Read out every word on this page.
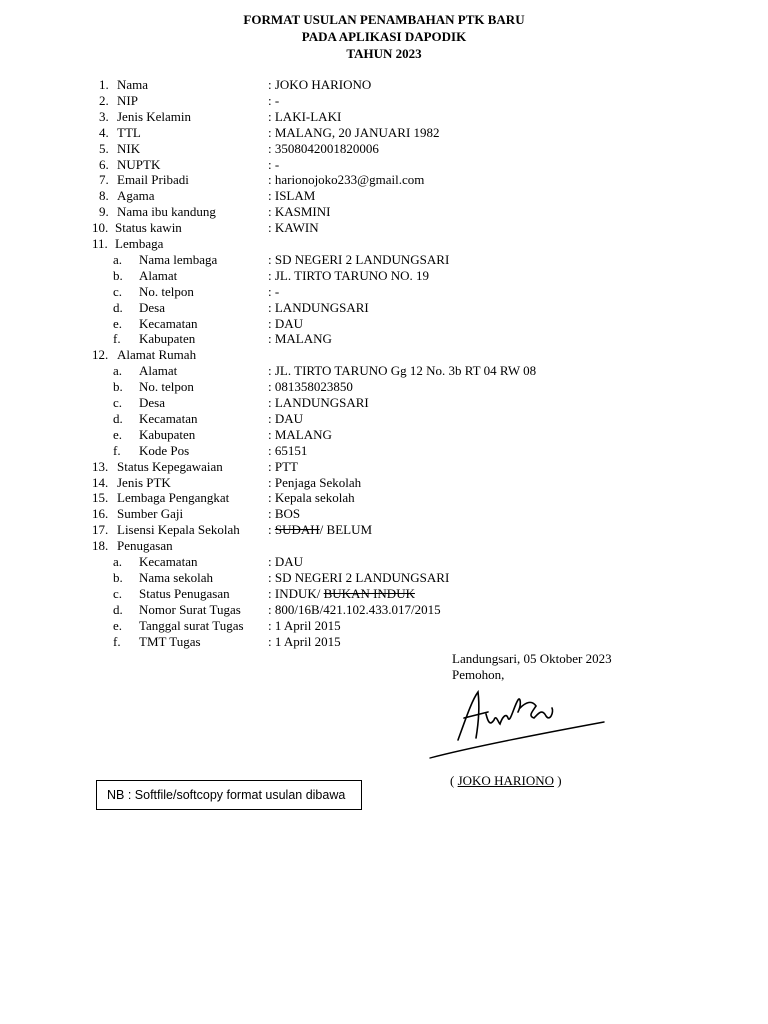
FORMAT USULAN PENAMBAHAN PTK BARU
PADA APLIKASI DAPODIK
TAHUN 2023
1. Nama	: JOKO HARIONO
2. NIP	: -
3. Jenis Kelamin	: LAKI-LAKI
4. TTL	: MALANG, 20 JANUARI 1982
5. NIK	: 3508042001820006
6. NUPTK	: -
7. Email Pribadi	: harionojoko233@gmail.com
8. Agama	: ISLAM
9. Nama ibu kandung	: KASMINI
10. Status kawin	: KAWIN
11. Lembaga
a. Nama lembaga	: SD NEGERI 2 LANDUNGSARI
b. Alamat	: JL. TIRTO TARUNO NO. 19
c. No. telpon	: -
d. Desa	: LANDUNGSARI
e. Kecamatan	: DAU
f. Kabupaten	: MALANG
12. Alamat Rumah
a. Alamat	: JL. TIRTO TARUNO Gg 12 No. 3b RT 04 RW 08
b. No. telpon	: 081358023850
c. Desa	: LANDUNGSARI
d. Kecamatan	: DAU
e. Kabupaten	: MALANG
f. Kode Pos	: 65151
13. Status Kepegawaian	: PTT
14. Jenis PTK	: Penjaga Sekolah
15. Lembaga Pengangkat	: Kepala sekolah
16. Sumber Gaji	: BOS
17. Lisensi Kepala Sekolah : SUDAH/ BELUM
18. Penugasan
a. Kecamatan	: DAU
b. Nama sekolah	: SD NEGERI 2 LANDUNGSARI
c. Status Penugasan	: INDUK/ BUKAN INDUK
d. Nomor Surat Tugas : 800/16B/421.102.433.017/2015
e. Tanggal surat Tugas : 1 April 2015
f. TMT Tugas	: 1 April 2015
Landungsari, 05 Oktober 2023
Pemohon,
( JOKO HARIONO )
NB : Softfile/softcopy format usulan dibawa
